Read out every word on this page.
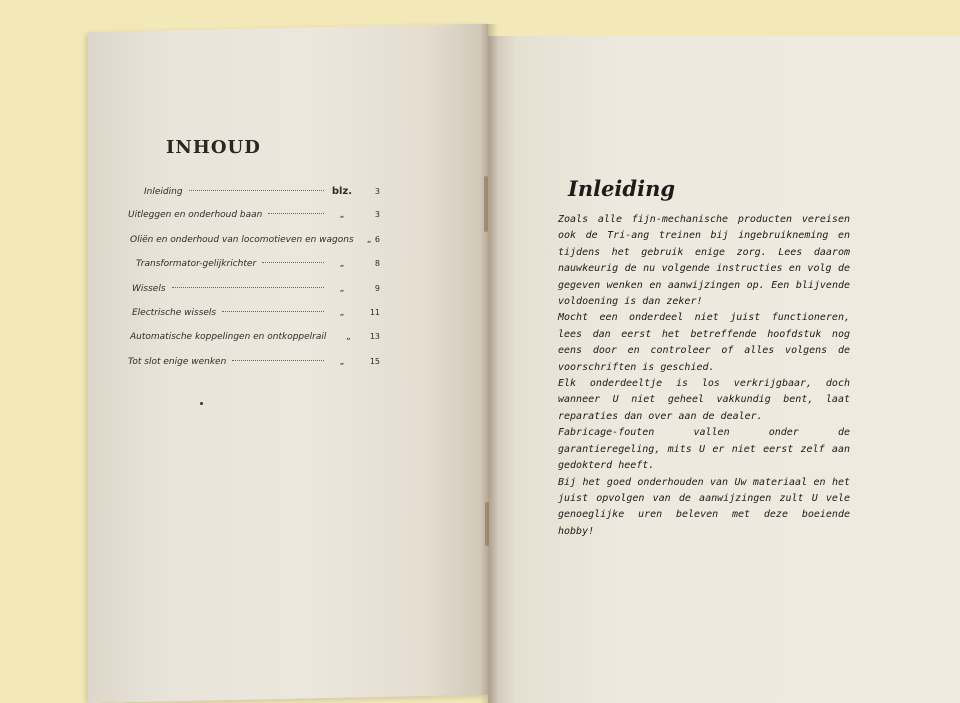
INHOUD
Inleiding	blz.	3
Uitleggen en onderhoud baan	„	3
Oliën en onderhoud van locomotieven en wagons „ 6
Transformator-gelijkrichter	„	8
Wissels	„	9
Electrische wissels	„	11
Automatische koppelingen en ontkoppelrail	„	13
Tot slot enige wenken	„	15
Inleiding

Zoals alle fijn-mechanische producten vereisen ook de Tri-ang treinen bij ingebruikneming en tijdens het gebruik enige zorg. Lees daarom nauwkeurig de nu volgende instructies en volg de gegeven wenken en aanwijzingen op. Een blijvende voldoening is dan zeker!

Mocht een onderdeel niet juist functioneren, lees dan eerst het betreffende hoofdstuk nog eens door en controleer of alles volgens de voorschriften is geschied.

Elk onderdeeltje is los verkrijgbaar, doch wanneer U niet geheel vakkundig bent, laat reparaties dan over aan de dealer.

Fabricage-fouten vallen onder de garantieregeling, mits U er niet eerst zelf aan gedokterd heeft.

Bij het goed onderhouden van Uw materiaal en het juist opvolgen van de aanwijzingen zult U vele genoeglijke uren beleven met deze boeiende hobby!
